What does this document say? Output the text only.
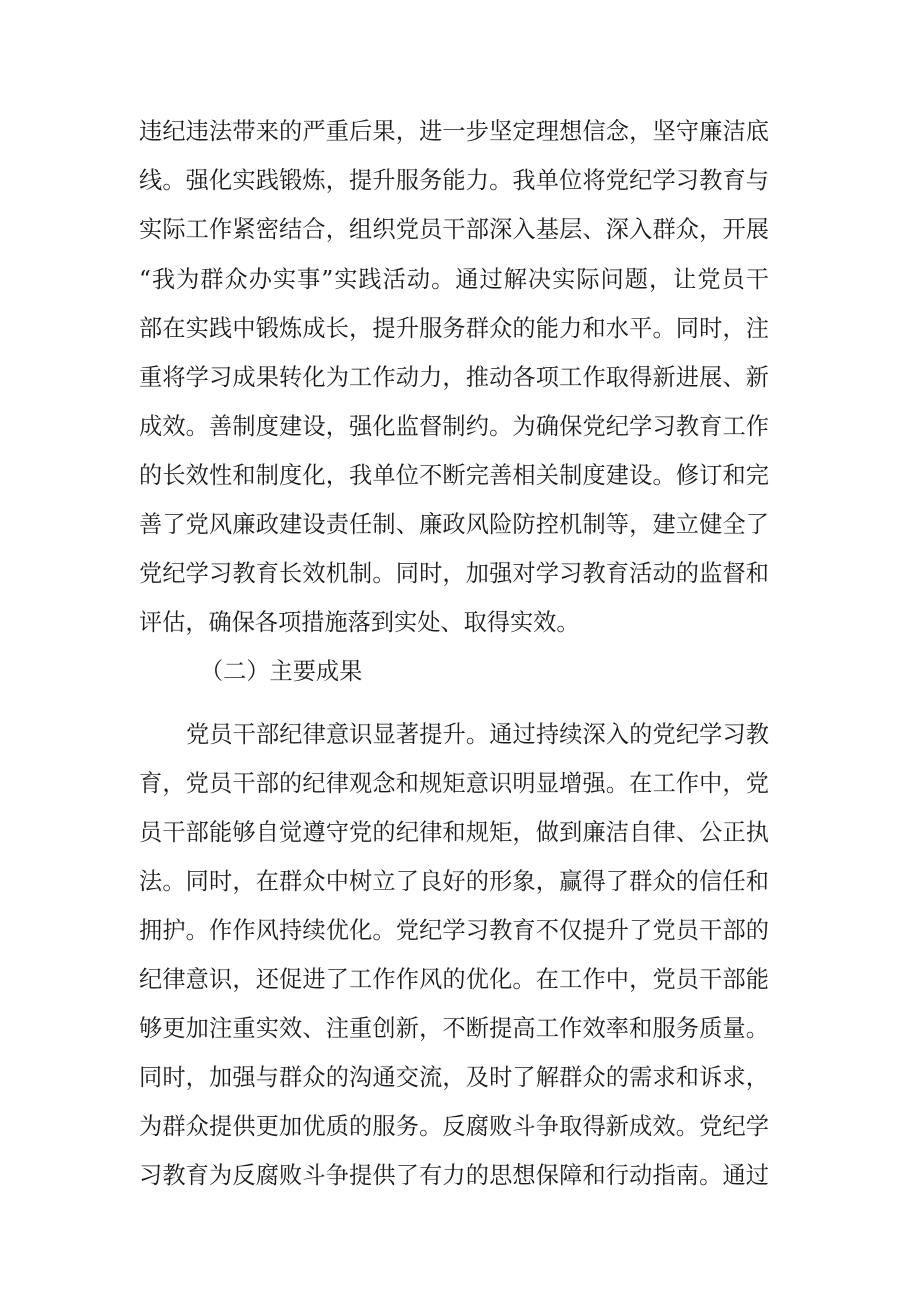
违纪违法带来的严重后果，进一步坚定理想信念，坚守廉洁底
线。强化实践锻炼，提升服务能力。我单位将党纪学习教育与
实际工作紧密结合，组织党员干部深入基层、深入群众，开展
“我为群众办实事”实践活动。通过解决实际问题，让党员干
部在实践中锻炼成长，提升服务群众的能力和水平。同时，注
重将学习成果转化为工作动力，推动各项工作取得新进展、新
成效。善制度建设，强化监督制约。为确保党纪学习教育工作
的长效性和制度化，我单位不断完善相关制度建设。修订和完
善了党风廉政建设责任制、廉政风险防控机制等，建立健全了
党纪学习教育长效机制。同时，加强对学习教育活动的监督和
评估，确保各项措施落到实处、取得实效。
（二）主要成果
党员干部纪律意识显著提升。通过持续深入的党纪学习教
育，党员干部的纪律观念和规矩意识明显增强。在工作中，党
员干部能够自觉遵守党的纪律和规矩，做到廉洁自律、公正执
法。同时，在群众中树立了良好的形象，赢得了群众的信任和
拥护。作作风持续优化。党纪学习教育不仅提升了党员干部的
纪律意识，还促进了工作作风的优化。在工作中，党员干部能
够更加注重实效、注重创新，不断提高工作效率和服务质量。
同时，加强与群众的沟通交流，及时了解群众的需求和诉求，
为群众提供更加优质的服务。反腐败斗争取得新成效。党纪学
习教育为反腐败斗争提供了有力的思想保障和行动指南。通过
